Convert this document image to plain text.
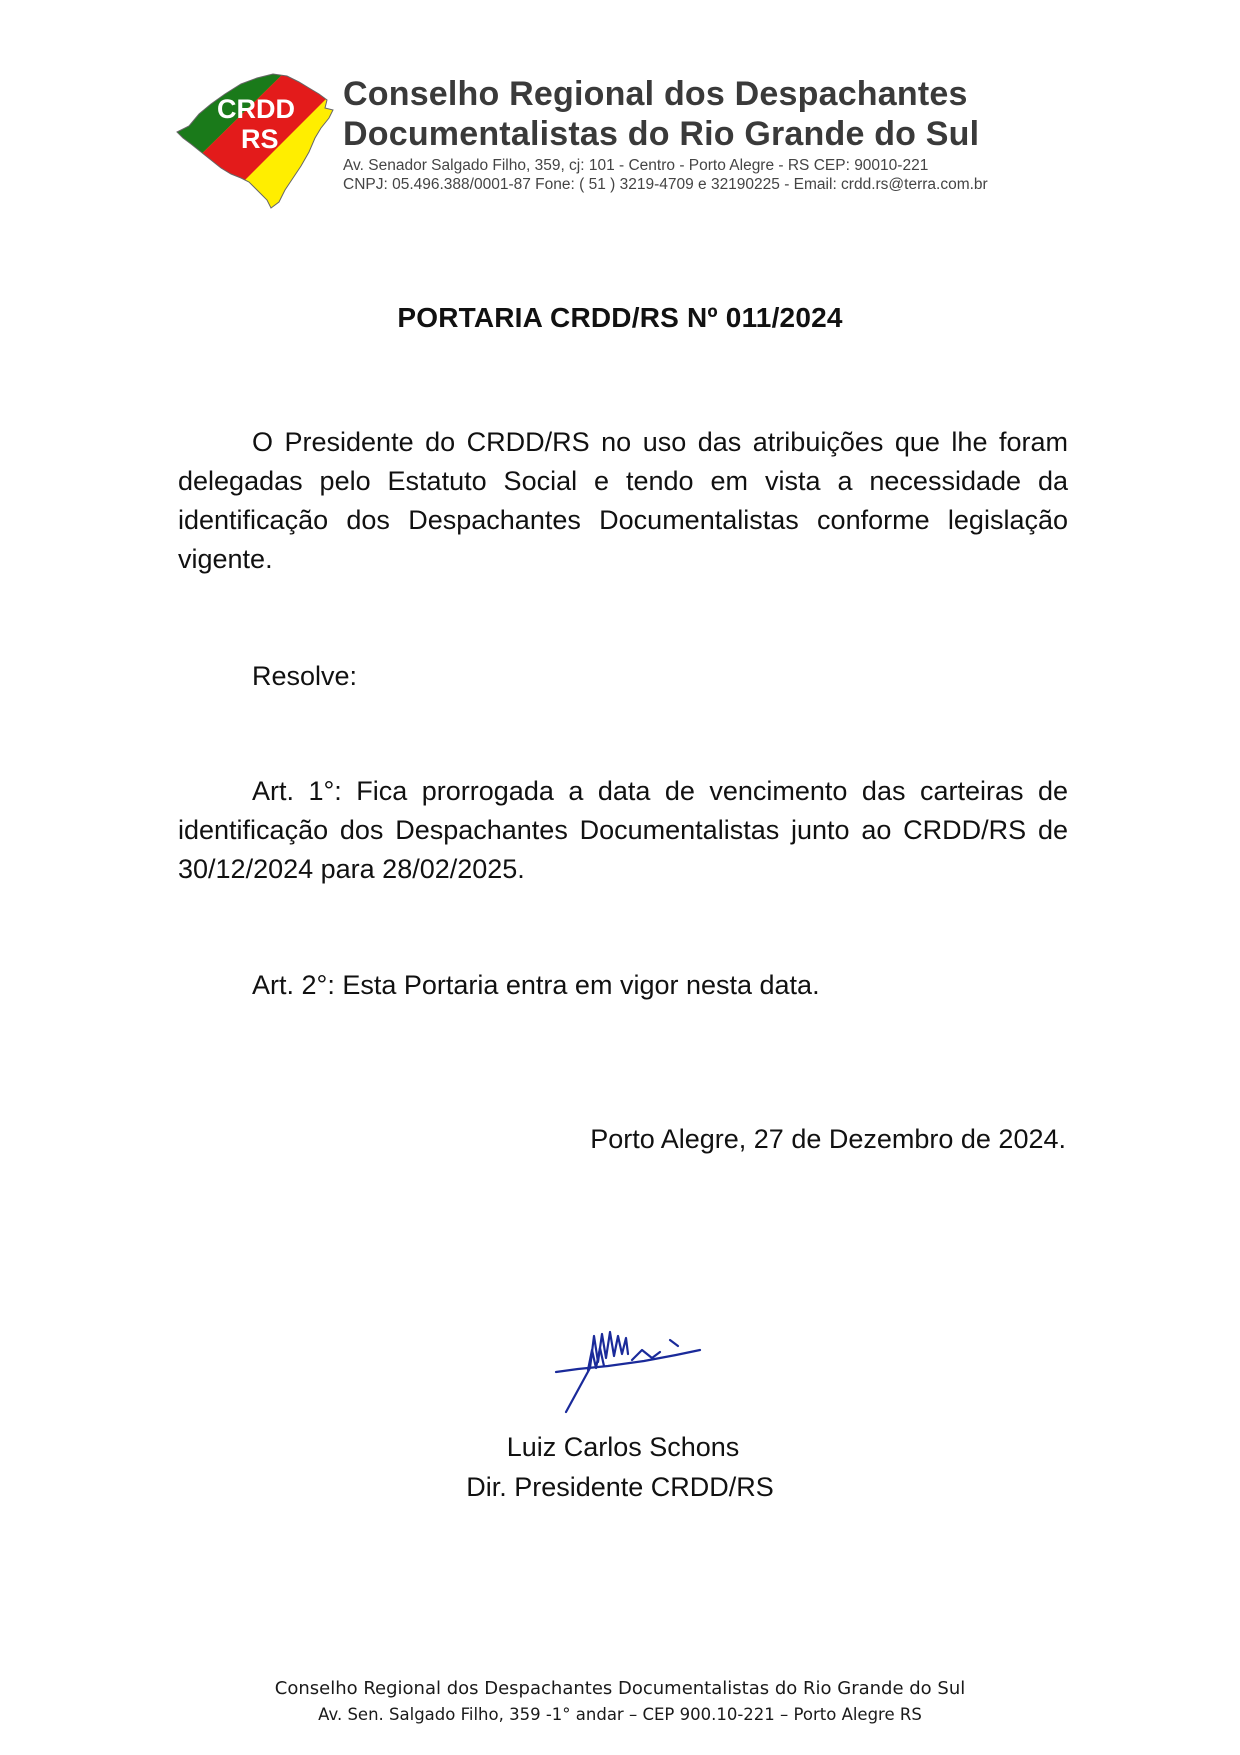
CRDD
RS
Conselho Regional dos Despachantes
Documentalistas do Rio Grande do Sul
Av. Senador Salgado Filho, 359, cj: 101 - Centro - Porto Alegre - RS CEP: 90010-221
CNPJ: 05.496.388/0001-87 Fone: ( 51 ) 3219-4709 e 32190225 - Email: crdd.rs@terra.com.br
PORTARIA CRDD/RS Nº 011/2024
O Presidente do CRDD/RS no uso das atribuições que lhe foram delegadas pelo Estatuto Social e tendo em vista a necessidade da identificação dos Despachantes Documentalistas conforme legislação vigente.
Resolve:
Art. 1°: Fica prorrogada a data de vencimento das carteiras de identificação dos Despachantes Documentalistas junto ao CRDD/RS de 30/12/2024 para 28/02/2025.
Art. 2°: Esta Portaria entra em vigor nesta data.
Porto Alegre, 27 de Dezembro de 2024.
Luiz Carlos Schons
Dir. Presidente CRDD/RS
Conselho Regional dos Despachantes Documentalistas do Rio Grande do Sul
Av. Sen. Salgado Filho, 359 -1° andar – CEP 900.10-221 – Porto Alegre RS
